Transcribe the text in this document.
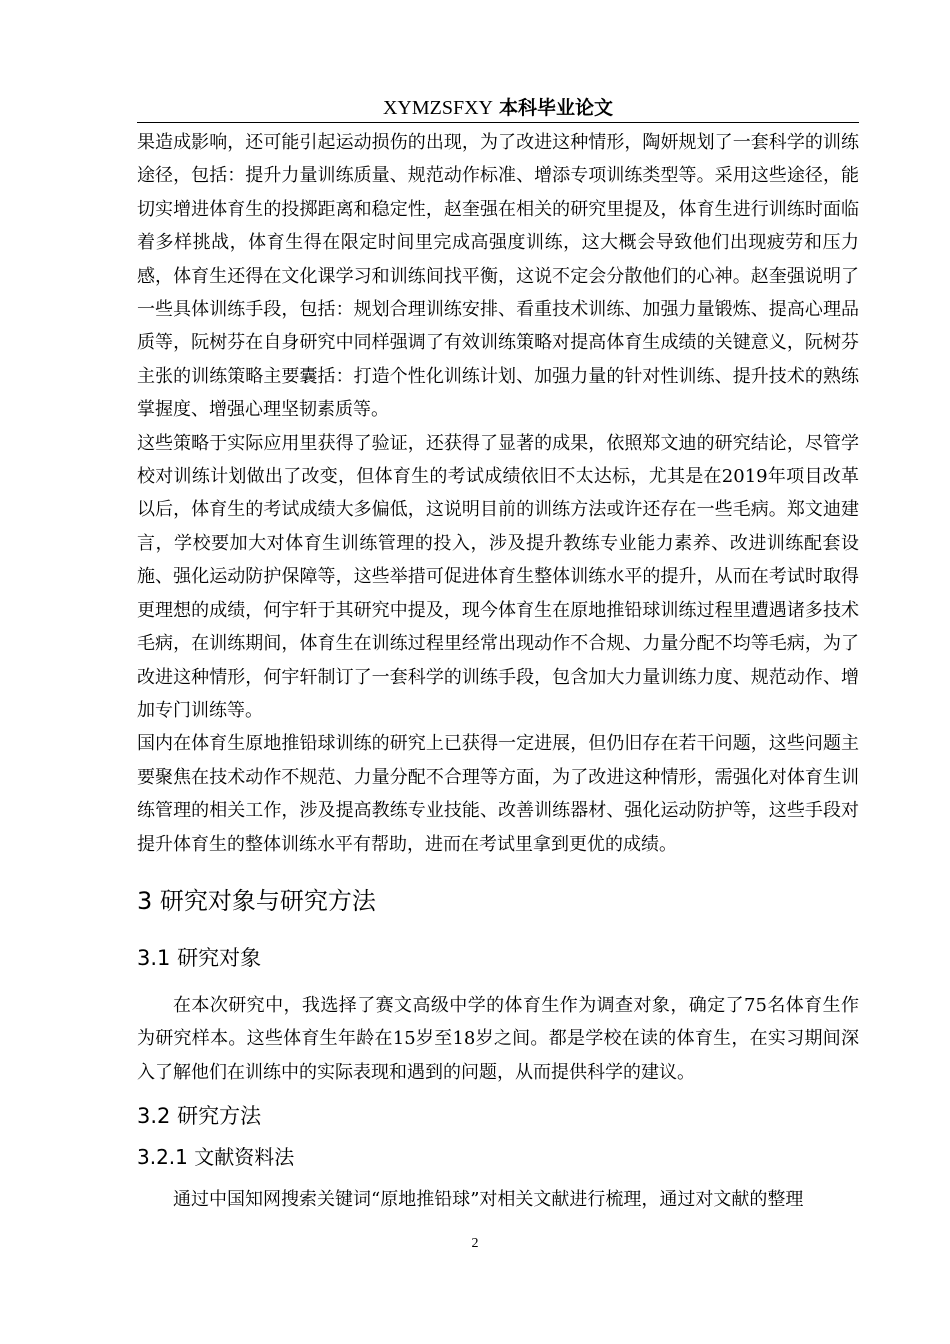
XYMZSFXY 本科毕业论文

果造成影响，还可能引起运动损伤的出现，为了改进这种情形，陶妍规划了一套科学的训练途径，包括：提升力量训练质量、规范动作标准、增添专项训练类型等。采用这些途径，能切实增进体育生的投掷距离和稳定性，赵奎强在相关的研究里提及，体育生进行训练时面临着多样挑战，体育生得在限定时间里完成高强度训练，这大概会导致他们出现疲劳和压力感，体育生还得在文化课学习和训练间找平衡，这说不定会分散他们的心神。赵奎强说明了一些具体训练手段，包括：规划合理训练安排、看重技术训练、加强力量锻炼、提高心理品质等，阮树芬在自身研究中同样强调了有效训练策略对提高体育生成绩的关键意义，阮树芬主张的训练策略主要囊括：打造个性化训练计划、加强力量的针对性训练、提升技术的熟练掌握度、增强心理坚韧素质等。

这些策略于实际应用里获得了验证，还获得了显著的成果，依照郑文迪的研究结论，尽管学校对训练计划做出了改变，但体育生的考试成绩依旧不太达标，尤其是在2019年项目改革以后，体育生的考试成绩大多偏低，这说明目前的训练方法或许还存在一些毛病。郑文迪建言，学校要加大对体育生训练管理的投入，涉及提升教练专业能力素养、改进训练配套设施、强化运动防护保障等，这些举措可促进体育生整体训练水平的提升，从而在考试时取得更理想的成绩，何宇轩于其研究中提及，现今体育生在原地推铅球训练过程里遭遇诸多技术毛病，在训练期间，体育生在训练过程里经常出现动作不合规、力量分配不均等毛病，为了改进这种情形，何宇轩制订了一套科学的训练手段，包含加大力量训练力度、规范动作、增加专门训练等。

国内在体育生原地推铅球训练的研究上已获得一定进展，但仍旧存在若干问题，这些问题主要聚焦在技术动作不规范、力量分配不合理等方面，为了改进这种情形，需强化对体育生训练管理的相关工作，涉及提高教练专业技能、改善训练器材、强化运动防护等，这些手段对提升体育生的整体训练水平有帮助，进而在考试里拿到更优的成绩。

3 研究对象与研究方法
3.1 研究对象

在本次研究中，我选择了赛文高级中学的体育生作为调查对象，确定了75名体育生作为研究样本。这些体育生年龄在15岁至18岁之间。都是学校在读的体育生，在实习期间深入了解他们在训练中的实际表现和遇到的问题，从而提供科学的建议。

3.2 研究方法
3.2.1 文献资料法

通过中国知网搜索关键词“原地推铅球”对相关文献进行梳理，通过对文献的整理

2
